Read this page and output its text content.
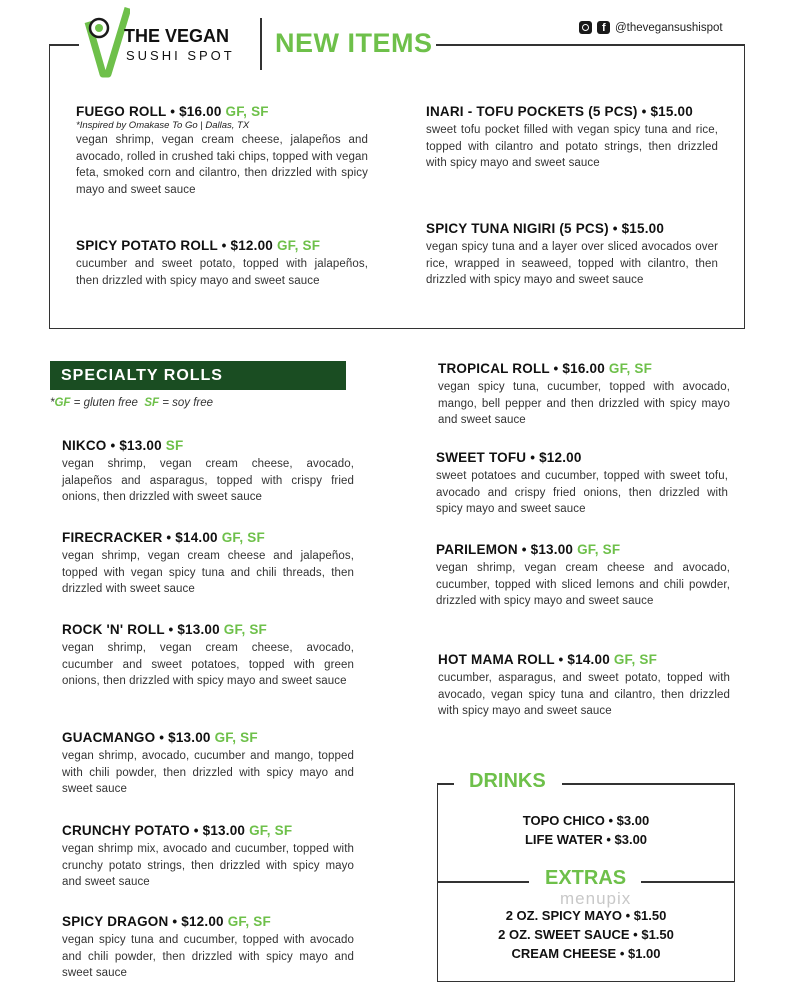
THE VEGAN
SUSHI SPOT NEW ITEMS	f @thevegansushispot
FUEGO ROLL • $16.00 GF, SF
*Inspired by Omakase To Go | Dallas, TX
vegan shrimp, vegan cream cheese, jalapeños and avocado, rolled in crushed taki chips, topped with vegan feta, smoked corn and cilantro, then drizzled with spicy mayo and sweet sauce
SPICY POTATO ROLL • $12.00 GF, SF
cucumber and sweet potato, topped with jalapeños, then drizzled with spicy mayo and sweet sauce
INARI - TOFU POCKETS (5 PCS) • $15.00
sweet tofu pocket filled with vegan spicy tuna and rice, topped with cilantro and potato strings, then drizzled with spicy mayo and sweet sauce
SPICY TUNA NIGIRI (5 PCS) • $15.00
vegan spicy tuna and a layer over sliced avocados over rice, wrapped in seaweed, topped with cilantro, then drizzled with spicy mayo and sweet sauce
SPECIALTY ROLLS
*GF = gluten free SF = soy free
NIKCO • $13.00 SF
vegan shrimp, vegan cream cheese, avocado, jalapeños and asparagus, topped with crispy fried onions, then drizzled with sweet sauce
FIRECRACKER • $14.00 GF, SF
vegan shrimp, vegan cream cheese and jalapeños, topped with vegan spicy tuna and chili threads, then drizzled with sweet sauce
ROCK 'N' ROLL • $13.00 GF, SF
vegan shrimp, vegan cream cheese, avocado, cucumber and sweet potatoes, topped with green onions, then drizzled with spicy mayo and sweet sauce
GUACMANGO • $13.00 GF, SF
vegan shrimp, avocado, cucumber and mango, topped with chili powder, then drizzled with spicy mayo and sweet sauce
CRUNCHY POTATO • $13.00 GF, SF
vegan shrimp mix, avocado and cucumber, topped with crunchy potato strings, then drizzled with spicy mayo and sweet sauce
SPICY DRAGON • $12.00 GF, SF
vegan spicy tuna and cucumber, topped with avocado and chili powder, then drizzled with spicy mayo and sweet sauce
TROPICAL ROLL • $16.00 GF, SF
vegan spicy tuna, cucumber, topped with avocado, mango, bell pepper and then drizzled with spicy mayo and sweet sauce
SWEET TOFU • $12.00
sweet potatoes and cucumber, topped with sweet tofu, avocado and crispy fried onions, then drizzled with spicy mayo and sweet sauce
PARILEMON • $13.00 GF, SF
vegan shrimp, vegan cream cheese and avocado, cucumber, topped with sliced lemons and chili powder, drizzled with spicy mayo and sweet sauce
HOT MAMA ROLL • $14.00 GF, SF
cucumber, asparagus, and sweet potato, topped with avocado, vegan spicy tuna and cilantro, then drizzled with spicy mayo and sweet sauce
DRINKS
TOPO CHICO • $3.00
LIFE WATER • $3.00
EXTRAS
menupix
2 OZ. SPICY MAYO • $1.50
2 OZ. SWEET SAUCE • $1.50
CREAM CHEESE • $1.00
